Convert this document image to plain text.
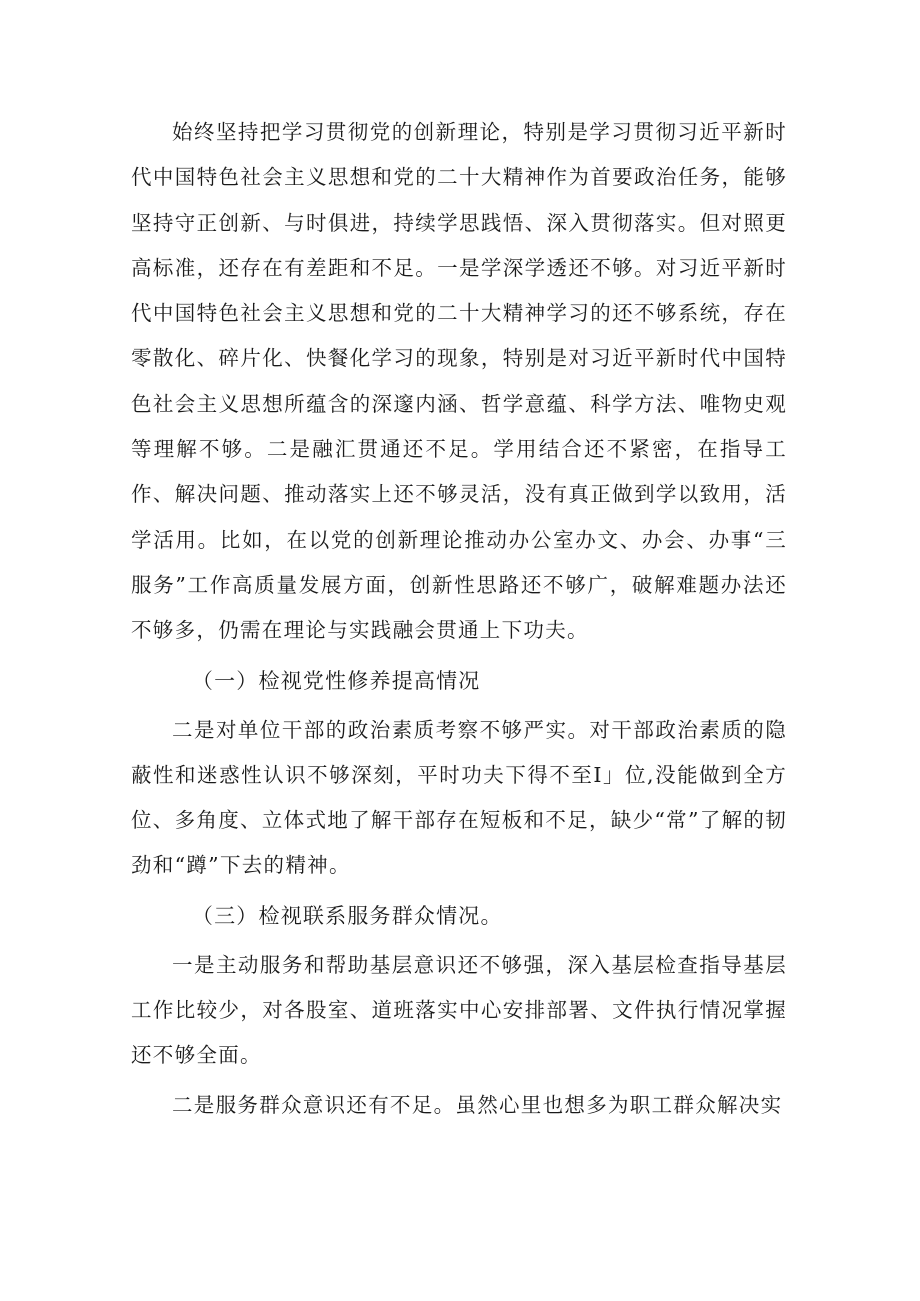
始终坚持把学习贯彻党的创新理论，特别是学习贯彻习近平新时代中国特色社会主义思想和党的二十大精神作为首要政治任务，能够坚持守正创新、与时俱进，持续学思践悟、深入贯彻落实。但对照更高标准，还存在有差距和不足。一是学深学透还不够。对习近平新时代中国特色社会主义思想和党的二十大精神学习的还不够系统，存在零散化、碎片化、快餐化学习的现象，特别是对习近平新时代中国特色社会主义思想所蕴含的深邃内涵、哲学意蕴、科学方法、唯物史观等理解不够。二是融汇贯通还不足。学用结合还不紧密，在指导工作、解决问题、推动落实上还不够灵活，没有真正做到学以致用，活学活用。比如，在以党的创新理论推动办公室办文、办会、办事“三服务”工作高质量发展方面，创新性思路还不够广，破解难题办法还不够多，仍需在理论与实践融会贯通上下功夫。

（一）检视党性修养提高情况

二是对单位干部的政治素质考察不够严实。对干部政治素质的隐蔽性和迷惑性认识不够深刻，平时功夫下得不至I」位,没能做到全方位、多角度、立体式地了解干部存在短板和不足，缺少“常”了解的韧劲和“蹲”下去的精神。

（三）检视联系服务群众情况。

一是主动服务和帮助基层意识还不够强，深入基层检查指导基层工作比较少，对各股室、道班落实中心安排部署、文件执行情况掌握还不够全面。

二是服务群众意识还有不足。虽然心里也想多为职工群众解决实
